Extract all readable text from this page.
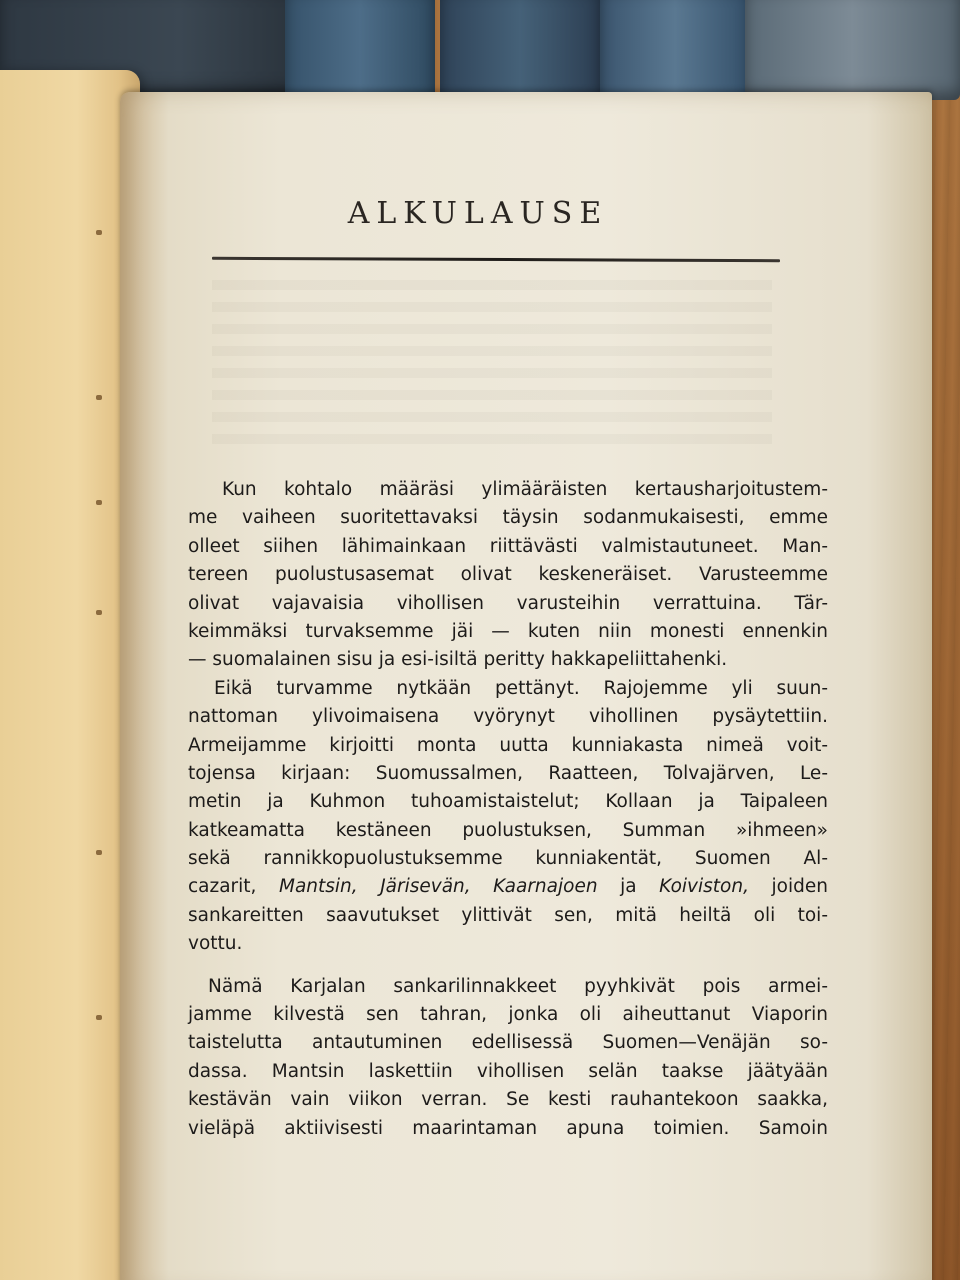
ALKULAUSE
Kun kohtalo määräsi ylimääräisten kertausharjoitustem-
me vaiheen suoritettavaksi täysin sodanmukaisesti, emme
olleet siihen lähimainkaan riittävästi valmistautuneet. Man-
tereen puolustusasemat olivat keskeneräiset. Varusteemme
olivat vajavaisia vihollisen varusteihin verrattuina. Tär-
keimmäksi turvaksemme jäi — kuten niin monesti ennenkin
— suomalainen sisu ja esi-isiltä peritty hakkapeliittahenki.
Eikä turvamme nytkään pettänyt. Rajojemme yli suun-
nattoman ylivoimaisena vyörynyt vihollinen pysäytettiin.
Armeijamme kirjoitti monta uutta kunniakasta nimeä voit-
tojensa kirjaan: Suomussalmen, Raatteen, Tolvajärven, Le-
metin ja Kuhmon tuhoamistaistelut; Kollaan ja Taipaleen
katkeamatta kestäneen puolustuksen, Summan »ihmeen»
sekä rannikkopuolustuksemme kunniakentät, Suomen Al-
cazarit, Mantsin, Järisevän, Kaarnajoen ja Koiviston, joiden
sankareitten saavutukset ylittivät sen, mitä heiltä oli toi-
vottu.
Nämä Karjalan sankarilinnakkeet pyyhkivät pois armei-
jamme kilvestä sen tahran, jonka oli aiheuttanut Viaporin
taistelutta antautuminen edellisessä Suomen—Venäjän so-
dassa. Mantsin laskettiin vihollisen selän taakse jäätyään
kestävän vain viikon verran. Se kesti rauhantekoon saakka,
vieläpä aktiivisesti maarintaman apuna toimien. Samoin
